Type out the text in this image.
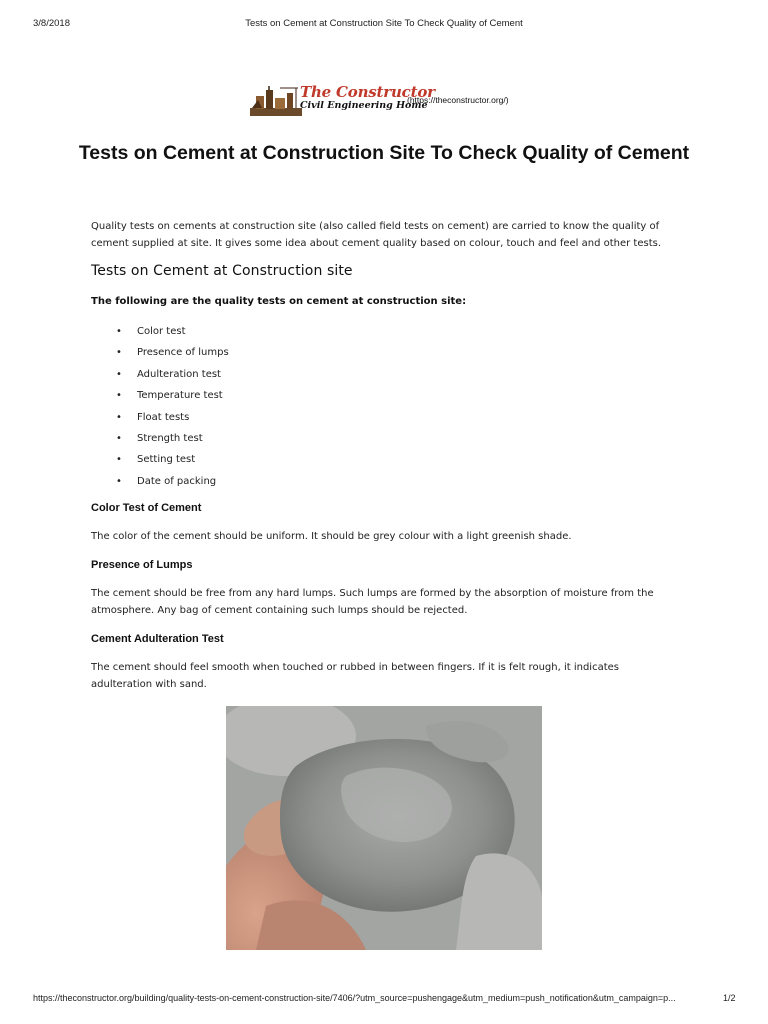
3/8/2018	Tests on Cement at Construction Site To Check Quality of Cement
The Constructor
Civil Engineering Home
(https://theconstructor.org/)
Tests on Cement at Construction Site To Check Quality of Cement

Quality tests on cements at construction site (also called field tests on cement) are carried to know the quality of

cement supplied at site. It gives some idea about cement quality based on colour, touch and feel and other tests.

Tests on Cement at Construction site

The following are the quality tests on cement at construction site:

• Color test
• Presence of lumps
• Adulteration test
• Temperature test
• Float tests
• Strength test
• Setting test
• Date of packing
Color Test of Cement

The color of the cement should be uniform. It should be grey colour with a light greenish shade.

Presence of Lumps

The cement should be free from any hard lumps. Such lumps are formed by the absorption of moisture from the

atmosphere. Any bag of cement containing such lumps should be rejected.

Cement Adulteration Test

The cement should feel smooth when touched or rubbed in between fingers. If it is felt rough, it indicates

adulteration with sand.

https://theconstructor.org/building/quality-tests-on-cement-construction-site/7406/?utm_source=pushengage&utm_medium=push_notification&utm_campaign=p...	1/2
